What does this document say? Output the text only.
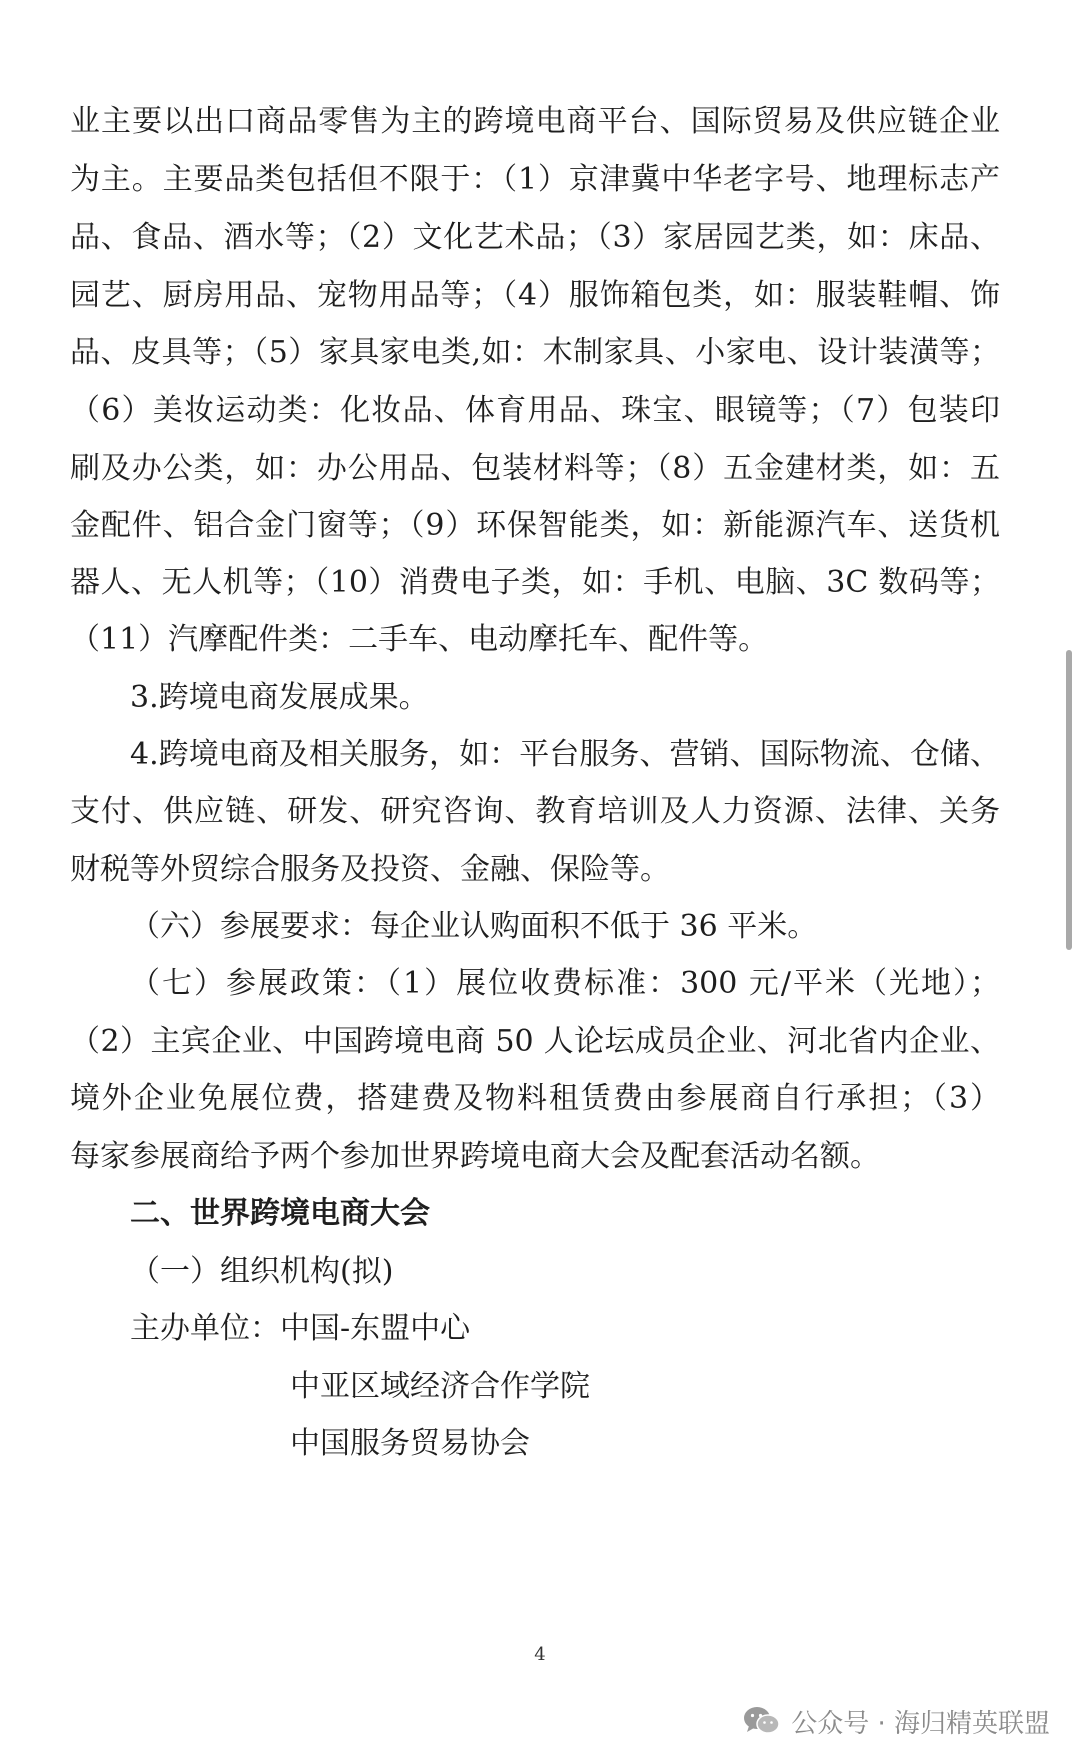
业主要以出口商品零售为主的跨境电商平台、国际贸易及供应链企业
为主。主要品类包括但不限于：（1）京津冀中华老字号、地理标志产
品、食品、酒水等；（2）文化艺术品；（3）家居园艺类，如：床品、
园艺、厨房用品、宠物用品等；（4）服饰箱包类，如：服装鞋帽、饰
品、皮具等；（5）家具家电类,如：木制家具、小家电、设计装潢等；
（6）美妆运动类：化妆品、体育用品、珠宝、眼镜等；（7）包装印
刷及办公类，如：办公用品、包装材料等；（8）五金建材类，如：五
金配件、铝合金门窗等；（9）环保智能类，如：新能源汽车、送货机
器人、无人机等；（10）消费电子类，如：手机、电脑、3C 数码等；
（11）汽摩配件类：二手车、电动摩托车、配件等。
3.跨境电商发展成果。
4.跨境电商及相关服务，如：平台服务、营销、国际物流、仓储、
支付、供应链、研发、研究咨询、教育培训及人力资源、法律、关务
财税等外贸综合服务及投资、金融、保险等。
（六）参展要求：每企业认购面积不低于 36 平米。
（七）参展政策：（1）展位收费标准：300 元/平米（光地）；
（2）主宾企业、中国跨境电商 50 人论坛成员企业、河北省内企业、
境外企业免展位费，搭建费及物料租赁费由参展商自行承担；（3）
每家参展商给予两个参加世界跨境电商大会及配套活动名额。
二、世界跨境电商大会
（一）组织机构(拟)
主办单位：中国-东盟中心
中亚区域经济合作学院
中国服务贸易协会
4
公众号 · 海归精英联盟
